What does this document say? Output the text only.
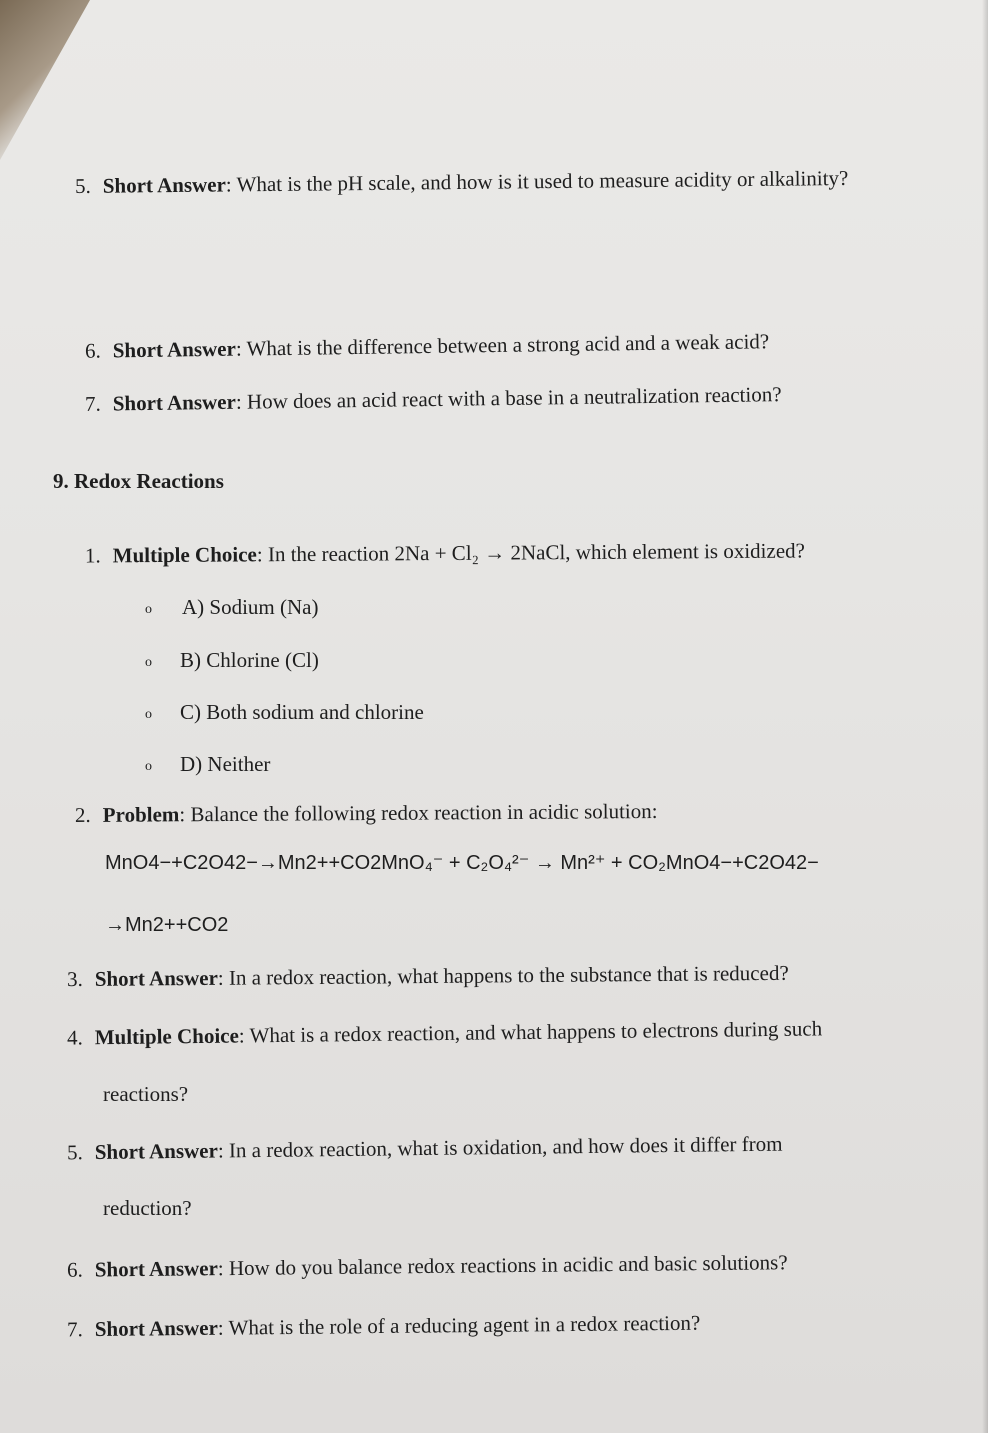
5. Short Answer: What is the pH scale, and how is it used to measure acidity or alkalinity?
6. Short Answer: What is the difference between a strong acid and a weak acid?
7. Short Answer: How does an acid react with a base in a neutralization reaction?
9. Redox Reactions
1. Multiple Choice: In the reaction 2Na + Cl₂ → 2NaCl, which element is oxidized?
o A) Sodium (Na)
o B) Chlorine (Cl)
o C) Both sodium and chlorine
o D) Neither
2. Problem: Balance the following redox reaction in acidic solution:
MnO4−+C2O42−→Mn2++CO2MnO₄⁻ + C₂O₄²⁻ → Mn²⁺ + CO₂MnO4−+C2O42−
→Mn2++CO2
3. Short Answer: In a redox reaction, what happens to the substance that is reduced?
4. Multiple Choice: What is a redox reaction, and what happens to electrons during such
reactions?
5. Short Answer: In a redox reaction, what is oxidation, and how does it differ from
reduction?
6. Short Answer: How do you balance redox reactions in acidic and basic solutions?
7. Short Answer: What is the role of a reducing agent in a redox reaction?
